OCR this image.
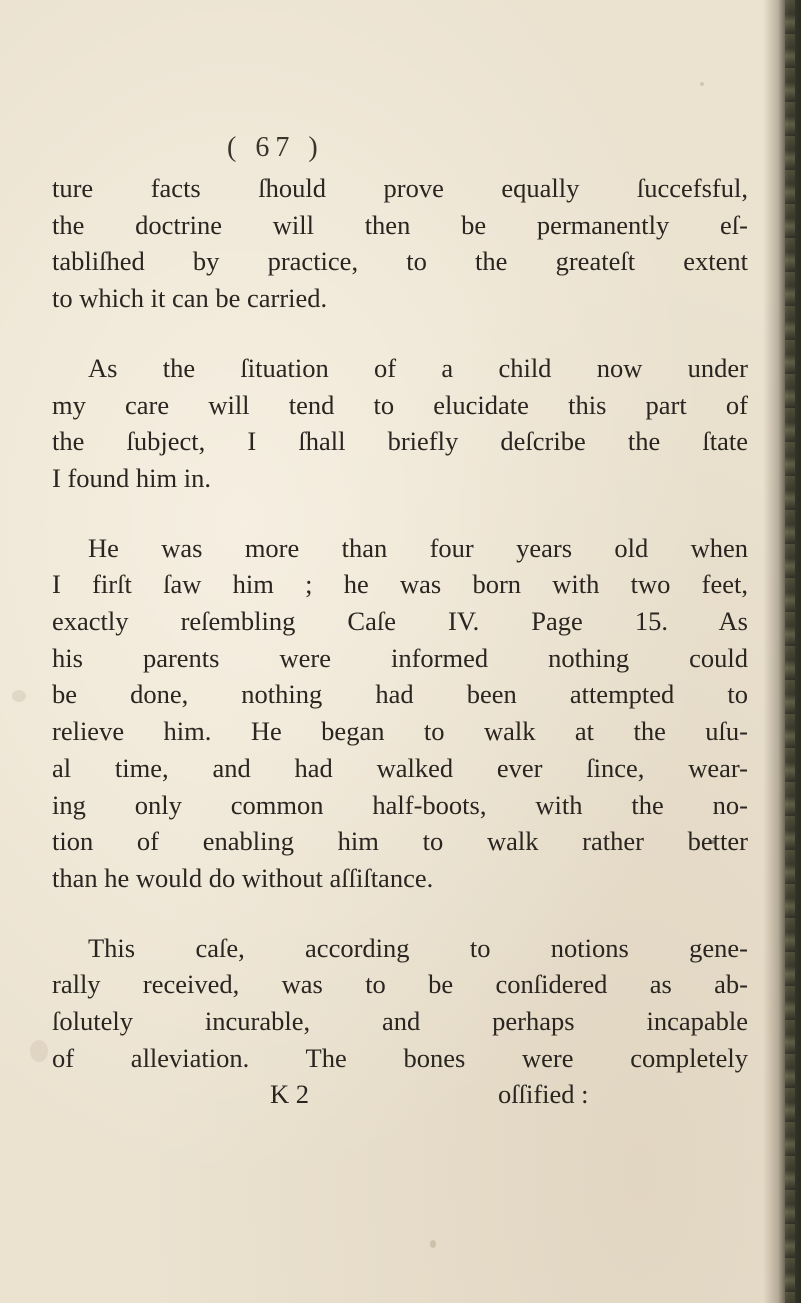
( 67 )

ture facts ſhould prove equally ſuccefsful,
the doctrine will then be permanently eſ-
tabliſhed by practice, to the greateſt extent
to which it can be carried.

As the ſituation of a child now under
my care will tend to elucidate this part of
the ſubject, I ſhall briefly deſcribe the ſtate
I found him in.

He was more than four years old when
I firſt ſaw him ; he was born with two feet,
exactly reſembling Caſe IV. Page 15. As
his parents were informed nothing could
be done, nothing had been attempted to
relieve him. He began to walk at the uſu-
al time, and had walked ever ſince, wear-
ing only common half-boots, with the no-
tion of enabling him to walk rather better
than he would do without aſſiſtance.

This caſe, according to notions gene-
rally received, was to be conſidered as ab-
ſolutely incurable, and perhaps incapable
of alleviation. The bones were completely

K 2	oſſified :
